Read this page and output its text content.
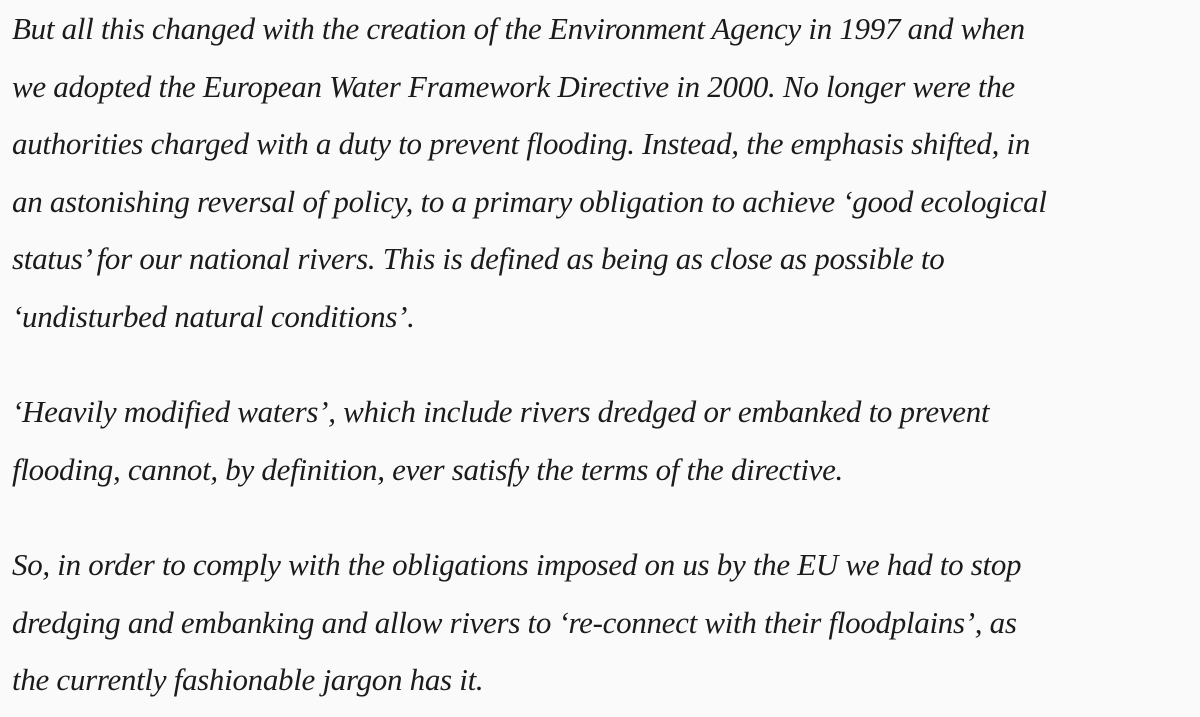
But all this changed with the creation of the Environment Agency in 1997 and when
we adopted the European Water Framework Directive in 2000. No longer were the
authorities charged with a duty to prevent flooding. Instead, the emphasis shifted, in
an astonishing reversal of policy, to a primary obligation to achieve ‘good ecological
status’ for our national rivers. This is defined as being as close as possible to
‘undisturbed natural conditions’.
‘Heavily modified waters’, which include rivers dredged or embanked to prevent
flooding, cannot, by definition, ever satisfy the terms of the directive.
So, in order to comply with the obligations imposed on us by the EU we had to stop
dredging and embanking and allow rivers to ‘re-connect with their floodplains’, as
the currently fashionable jargon has it.
